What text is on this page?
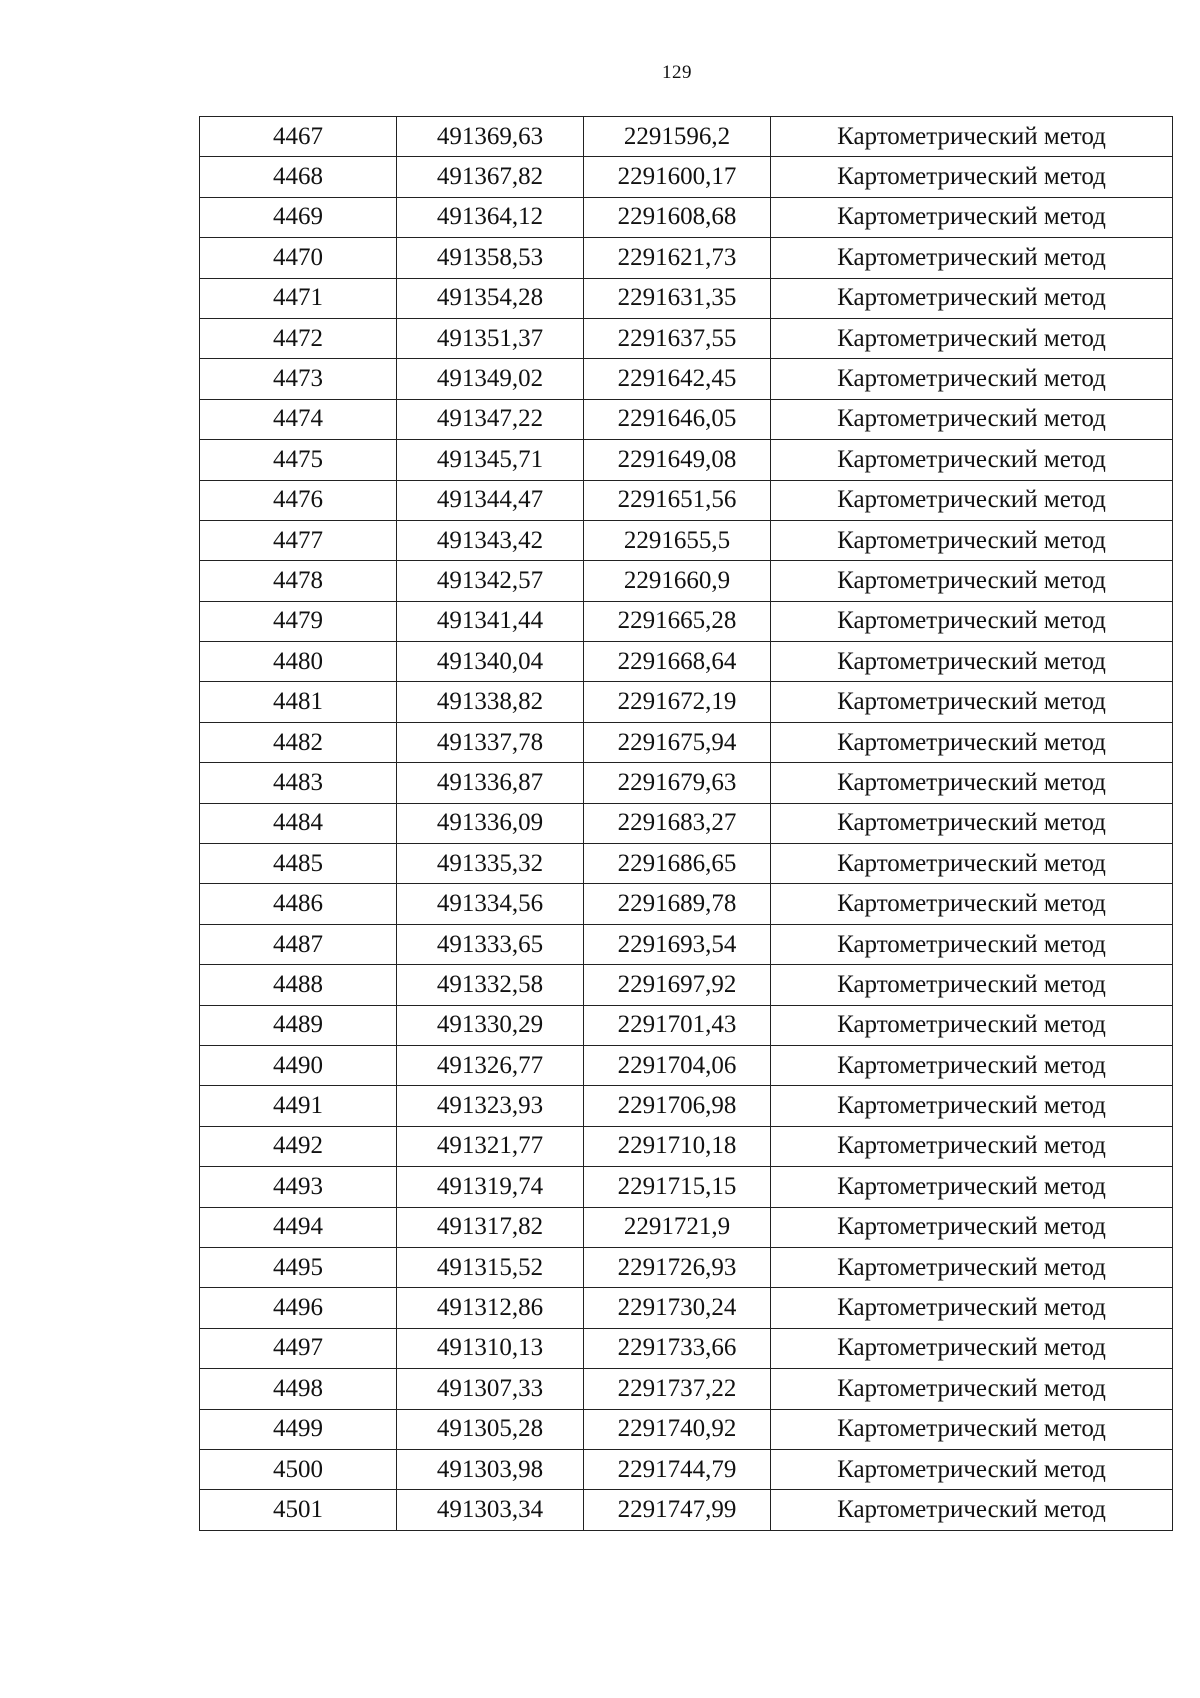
129
4467	491369,63	2291596,2	Картометрический метод
4468	491367,82	2291600,17	Картометрический метод
4469	491364,12	2291608,68	Картометрический метод
4470	491358,53	2291621,73	Картометрический метод
4471	491354,28	2291631,35	Картометрический метод
4472	491351,37	2291637,55	Картометрический метод
4473	491349,02	2291642,45	Картометрический метод
4474	491347,22	2291646,05	Картометрический метод
4475	491345,71	2291649,08	Картометрический метод
4476	491344,47	2291651,56	Картометрический метод
4477	491343,42	2291655,5	Картометрический метод
4478	491342,57	2291660,9	Картометрический метод
4479	491341,44	2291665,28	Картометрический метод
4480	491340,04	2291668,64	Картометрический метод
4481	491338,82	2291672,19	Картометрический метод
4482	491337,78	2291675,94	Картометрический метод
4483	491336,87	2291679,63	Картометрический метод
4484	491336,09	2291683,27	Картометрический метод
4485	491335,32	2291686,65	Картометрический метод
4486	491334,56	2291689,78	Картометрический метод
4487	491333,65	2291693,54	Картометрический метод
4488	491332,58	2291697,92	Картометрический метод
4489	491330,29	2291701,43	Картометрический метод
4490	491326,77	2291704,06	Картометрический метод
4491	491323,93	2291706,98	Картометрический метод
4492	491321,77	2291710,18	Картометрический метод
4493	491319,74	2291715,15	Картометрический метод
4494	491317,82	2291721,9	Картометрический метод
4495	491315,52	2291726,93	Картометрический метод
4496	491312,86	2291730,24	Картометрический метод
4497	491310,13	2291733,66	Картометрический метод
4498	491307,33	2291737,22	Картометрический метод
4499	491305,28	2291740,92	Картометрический метод
4500	491303,98	2291744,79	Картометрический метод
4501	491303,34	2291747,99	Картометрический метод
